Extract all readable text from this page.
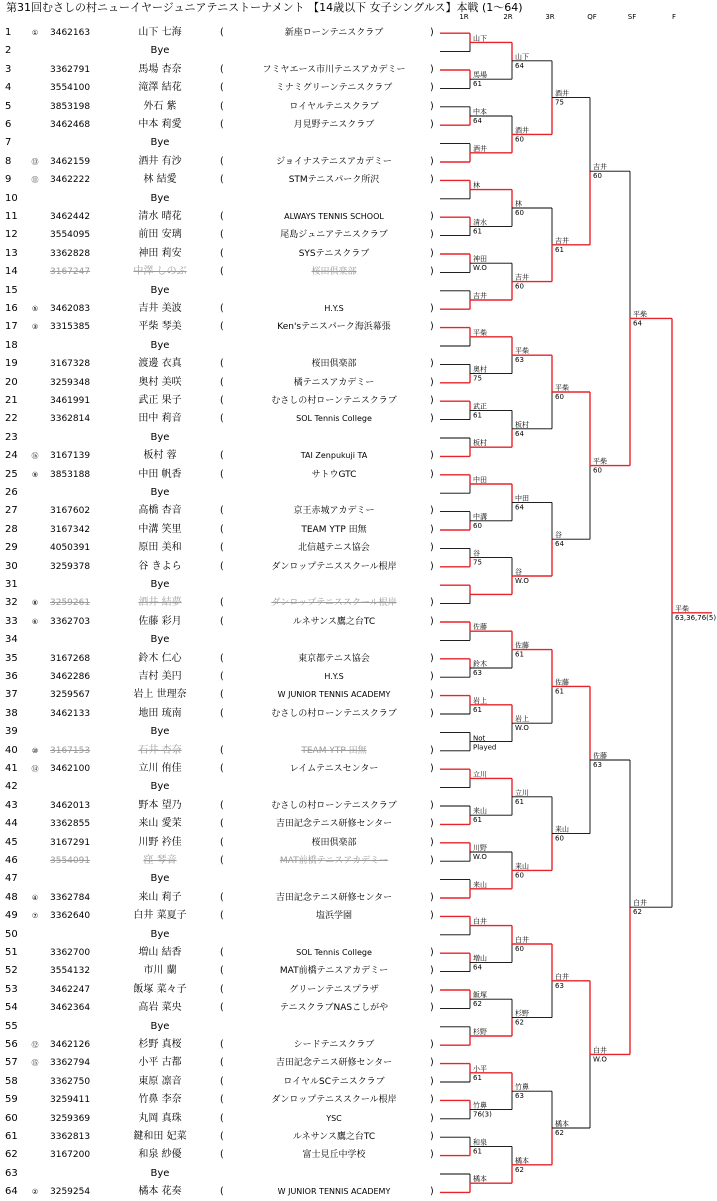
第31回むさしの村ニューイヤージュニアテニストーナメント 【14歳以下 女子シングルス】本戦 (1～64)
1R	2R	3R	QF	SF	F
1	①	3462163	山下 七海	(	新座ローンテニスクラブ	)
2	Bye
3	3362791	馬場 杏奈	(	フミヤエース市川テニスアカデミー	)
4	3554100	滝澤 結花	(	ミナミグリーンテニスクラブ	)
5	3853198	外石 紫	(	ロイヤルテニスクラブ	)
6	3462468	中本 莉愛	(	月見野テニスクラブ	)
7	Bye
8	⑬	3462159	酒井 有沙	(	ジョイナステニスアカデミー	)
9	⑪	3462222	林 結愛	(	STMテニスパーク所沢	)
10	Bye
11	3462442	清水 晴花	(	ALWAYS TENNIS SCHOOL	)
12	3554095	前田 安璃	(	尾島ジュニアテニスクラブ	)
13	3362828	神田 莉安	(	SYSテニスクラブ	)
14	3167247	中澤 しのぶ	(	桜田倶楽部	)
15	Bye
16	⑤	3462083	吉井 美波	(	H.Y.S	)
17	③	3315385	平柴 琴美	(	Ken'sテニスパーク海浜幕張	)
18	Bye
19	3167328	渡邊 衣真	(	桜田倶楽部	)
20	3259348	奥村 美咲	(	橘テニスアカデミー	)
21	3461991	武正 果子	(	むさしの村ローンテニスクラブ	)
22	3362814	田中 莉音	(	SOL Tennis College	)
23	Bye
24	⑯	3167139	板村 蓉	(	TAI Zenpukuji TA	)
25	⑨	3853188	中田 帆香	(	サトウGTC	)
26	Bye
27	3167602	高橋 杏音	(	京王赤城アカデミー	)
28	3167342	中溝 笑里	(	TEAM YTP 田無	)
29	4050391	原田 美和	(	北信越テニス協会	)
30	3259378	谷 きよら	(	ダンロップテニススクール根岸	)
31	Bye
32	⑧	3259261	酒井 結夢	(	ダンロップテニススクール根岸	)
33	⑥	3362703	佐藤 彩月	(	ルネサンス鷹之台TC	)
34	Bye
35	3167268	鈴木 仁心	(	東京都テニス協会	)
36	3462286	吉村 美円	(	H.Y.S	)
37	3259567	岩上 世理奈	(	W JUNIOR TENNIS ACADEMY	)
38	3462133	地田 琉南	(	むさしの村ローンテニスクラブ	)
39	Bye
40	⑩	3167153	石井 杏奈	(	TEAM YTP 田無	)
41	⑭	3462100	立川 侑佳	(	レイムテニスセンター	)
42	Bye
43	3462013	野本 望乃	(	むさしの村ローンテニスクラブ	)
44	3362855	来山 愛茉	(	吉田記念テニス研修センター	)
45	3167291	川野 衿佳	(	桜田倶楽部	)
46	3554091	窪 琴音	(	MAT前橋テニスアカデミー	)
47	Bye
48	④	3362784	来山 莉子	(	吉田記念テニス研修センター	)
49	⑦	3362640	白井 菜夏子	(	塩浜学園	)
50	Bye
51	3362700	増山 結香	(	SOL Tennis College	)
52	3554132	市川 蘭	(	MAT前橋テニスアカデミー	)
53	3462247	飯塚 菜々子	(	グリーンテニスプラザ	)
54	3462364	高岩 菜央	(	テニスクラブNASこしがや	)
55	Bye
56	⑫	3462126	杉野 真桜	(	シードテニスクラブ	)
57	⑮	3362794	小平 古都	(	吉田記念テニス研修センター	)
58	3362750	東原 凛音	(	ロイヤルSCテニスクラブ	)
59	3259411	竹鼻 李奈	(	ダンロップテニススクール根岸	)
60	3259369	丸岡 真珠	(	YSC	)
61	3362813	鍵和田 妃菜	(	ルネサンス鷹之台TC	)
62	3167200	和泉 紗優	(	富士見丘中学校	)
63	Bye
64	②	3259254	橘本 花奏	(	W JUNIOR TENNIS ACADEMY	)
山下
馬場
61
中本
64
酒井
林
清水
61
神田
W.O
吉井
平柴
奥村
75
武正
61
板村
中田
中溝
60
谷
75
佐藤
鈴木
63
岩上
61
Not
Played
立川
来山
61
川野
W.O
来山
白井
増山
64
飯塚
62
杉野
小平
61
竹鼻
76(3)
和泉
61
橘本
山下
64
酒井
60
林
60
吉井
60
平柴
63
板村
64
中田
64
谷
W.O
佐藤
61
岩上
W.O
立川
61
来山
60
白井
60
杉野
62
竹鼻
63
橘本
62
酒井
75
吉井
61
平柴
60
谷
64
佐藤
61
来山
60
白井
63
橘本
62
吉井
60
平柴
60
佐藤
63
白井
W.O
平柴
64
白井
62
平柴
63,36,76(5)
